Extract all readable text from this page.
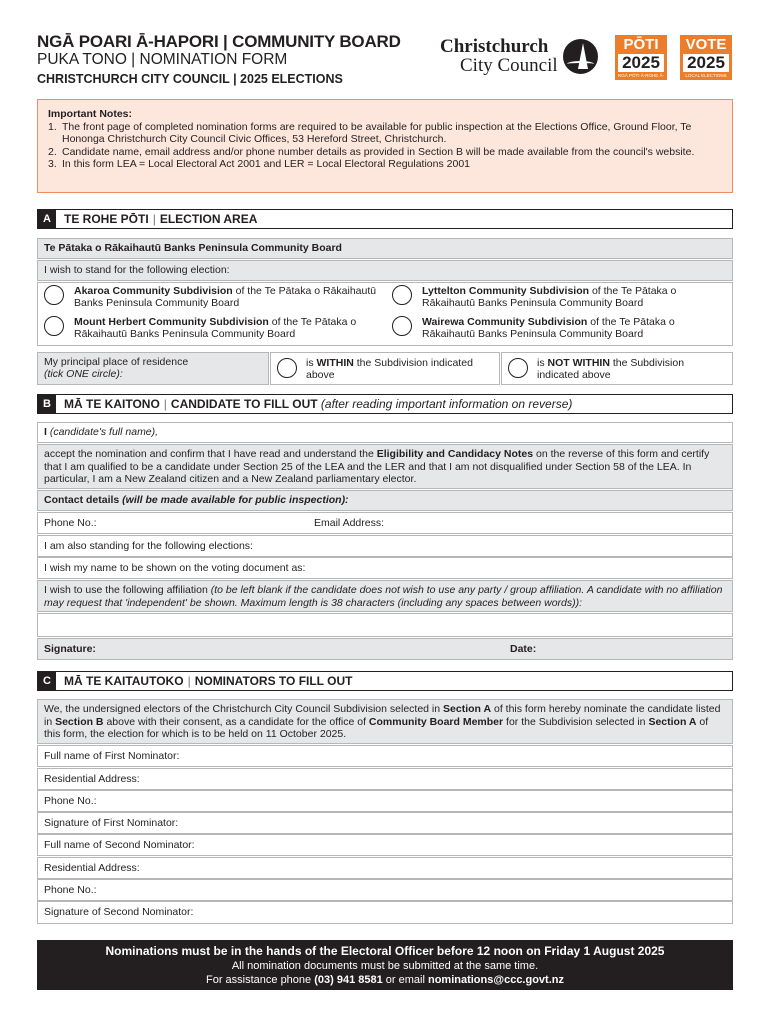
NGĀ POARI Ā-HAPORI | COMMUNITY BOARD
PUKA TONO | NOMINATION FORM
CHRISTCHURCH CITY COUNCIL | 2025 ELECTIONS
Christchurch
City Council
PŌTI
2025
NGĀ PŌTI Ā-ROHE Ā-TAONE
VOTE
2025
LOCAL ELECTIONS
Important Notes:
1. The front page of completed nomination forms are required to be available for public inspection at the Elections Office, Ground Floor, Te Hononga Christchurch City Council Civic Offices, 53 Hereford Street, Christchurch.
2. Candidate name, email address and/or phone number details as provided in Section B will be made available from the council's website.
3. In this form LEA = Local Electoral Act 2001 and LER = Local Electoral Regulations 2001
A	TE ROHE PŌTI | ELECTION AREA
Te Pātaka o Rākaihautū Banks Peninsula Community Board
I wish to stand for the following election:
Akaroa Community Subdivision of the Te Pātaka o Rākaihautū Banks Peninsula Community Board
Lyttelton Community Subdivision of the Te Pātaka o Rākaihautū Banks Peninsula Community Board
Mount Herbert Community Subdivision of the Te Pātaka o Rākaihautū Banks Peninsula Community Board
Wairewa Community Subdivision of the Te Pātaka o Rākaihautū Banks Peninsula Community Board
My principal place of residence
(tick ONE circle):
is WITHIN the Subdivision indicated above
is NOT WITHIN the Subdivision indicated above
B	MĀ TE KAITONO | CANDIDATE TO FILL OUT (after reading important information on reverse)
I (candidate's full name),
accept the nomination and confirm that I have read and understand the Eligibility and Candidacy Notes on the reverse of this form and certify that I am qualified to be a candidate under Section 25 of the LEA and the LER and that I am not disqualified under Section 58 of the LEA. In particular, I am a New Zealand citizen and a New Zealand parliamentary elector.
Contact details (will be made available for public inspection):
Phone No.:	Email Address:
I am also standing for the following elections:
I wish my name to be shown on the voting document as:
I wish to use the following affiliation (to be left blank if the candidate does not wish to use any party / group affiliation. A candidate with no affiliation may request that 'independent' be shown. Maximum length is 38 characters (including any spaces between words)):
Signature:	Date:
C	MĀ TE KAITAUTOKO | NOMINATORS TO FILL OUT
We, the undersigned electors of the Christchurch City Council Subdivision selected in Section A of this form hereby nominate the candidate listed in Section B above with their consent, as a candidate for the office of Community Board Member for the Subdivision selected in Section A of this form, the election for which is to be held on 11 October 2025.
Full name of First Nominator:
Residential Address:
Phone No.:
Signature of First Nominator:
Full name of Second Nominator:
Residential Address:
Phone No.:
Signature of Second Nominator:
Nominations must be in the hands of the Electoral Officer before 12 noon on Friday 1 August 2025
All nomination documents must be submitted at the same time.
For assistance phone (03) 941 8581 or email nominations@ccc.govt.nz
